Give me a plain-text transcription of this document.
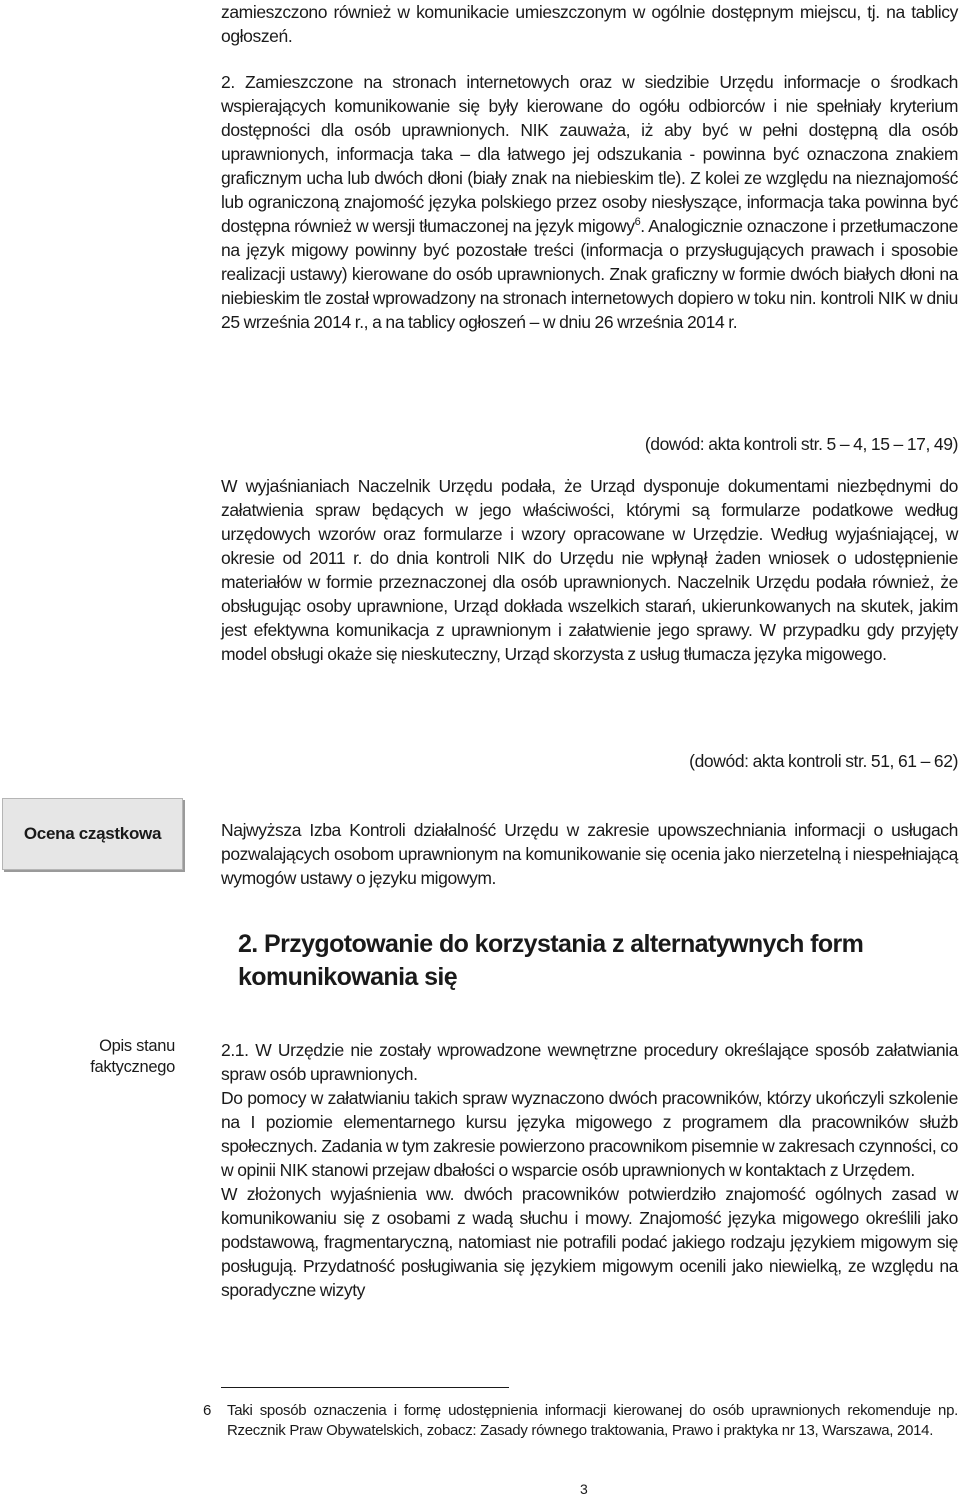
zamieszczono również w komunikacie umieszczonym w ogólnie dostępnym miejscu, tj. na tablicy ogłoszeń.

2. Zamieszczone na stronach internetowych oraz w siedzibie Urzędu informacje o środkach wspierających komunikowanie się były kierowane do ogółu odbiorców i nie spełniały kryterium dostępności dla osób uprawnionych. NIK zauważa, iż aby być w pełni dostępną dla osób uprawnionych, informacja taka – dla łatwego jej odszukania - powinna być oznaczona znakiem graficznym ucha lub dwóch dłoni (biały znak na niebieskim tle). Z kolei ze względu na nieznajomość lub ograniczoną znajomość języka polskiego przez osoby niesłyszące, informacja taka powinna być dostępna również w wersji tłumaczonej na język migowy$^6$. Analogicznie oznaczone i przetłumaczone na język migowy powinny być pozostałe treści (informacja o przysługujących prawach i sposobie realizacji ustawy) kierowane do osób uprawnionych. Znak graficzny w formie dwóch białych dłoni na niebieskim tle został wprowadzony na stronach internetowych dopiero w toku nin. kontroli NIK w dniu 25 września 2014 r., a na tablicy ogłoszeń – w dniu 26 września 2014 r.

(dowód: akta kontroli str. 5 – 4, 15 – 17, 49)

W wyjaśnianiach Naczelnik Urzędu podała, że Urząd dysponuje dokumentami niezbędnymi do załatwienia spraw będących w jego właściwości, którymi są formularze podatkowe według urzędowych wzorów oraz formularze i wzory opracowane w Urzędzie. Według wyjaśniającej, w okresie od 2011 r. do dnia kontroli NIK do Urzędu nie wpłynął żaden wniosek o udostępnienie materiałów w formie przeznaczonej dla osób uprawnionych. Naczelnik Urzędu podała również, że obsługując osoby uprawnione, Urząd dokłada wszelkich starań, ukierunkowanych na skutek, jakim jest efektywna komunikacja z uprawnionym i załatwienie jego sprawy. W przypadku gdy przyjęty model obsługi okaże się nieskuteczny, Urząd skorzysta z usług tłumacza języka migowego.

(dowód: akta kontroli str. 51, 61 – 62)

Ocena cząstkowa	Najwyższa Izba Kontroli działalność Urzędu w zakresie upowszechniania informacji o usługach pozwalających osobom uprawnionym na komunikowanie się ocenia jako nierzetelną i niespełniającą wymogów ustawy o języku migowym.

2. Przygotowanie do korzystania z alternatywnych form komunikowania się
Opis stanu faktycznego

2.1. W Urzędzie nie zostały wprowadzone wewnętrzne procedury określające sposób załatwiania spraw osób uprawnionych.

Do pomocy w załatwianiu takich spraw wyznaczono dwóch pracowników, którzy ukończyli szkolenie na I poziomie elementarnego kursu języka migowego z programem dla pracowników służb społecznych. Zadania w tym zakresie powierzono pracownikom pisemnie w zakresach czynności, co w opinii NIK stanowi przejaw dbałości o wsparcie osób uprawnionych w kontaktach z Urzędem.

W złożonych wyjaśnienia ww. dwóch pracowników potwierdziło znajomość ogólnych zasad w komunikowaniu się z osobami z wadą słuchu i mowy. Znajomość języka migowego określili jako podstawową, fragmentaryczną, natomiast nie potrafili podać jakiego rodzaju językiem migowym się posługują. Przydatność posługiwania się językiem migowym ocenili jako niewielką, ze względu na sporadyczne wizyty

6	Taki sposób oznaczenia i formę udostępnienia informacji kierowanej do osób uprawnionych rekomenduje np. Rzecznik Praw Obywatelskich, zobacz: Zasady równego traktowania, Prawo i praktyka nr 13, Warszawa, 2014.
3
